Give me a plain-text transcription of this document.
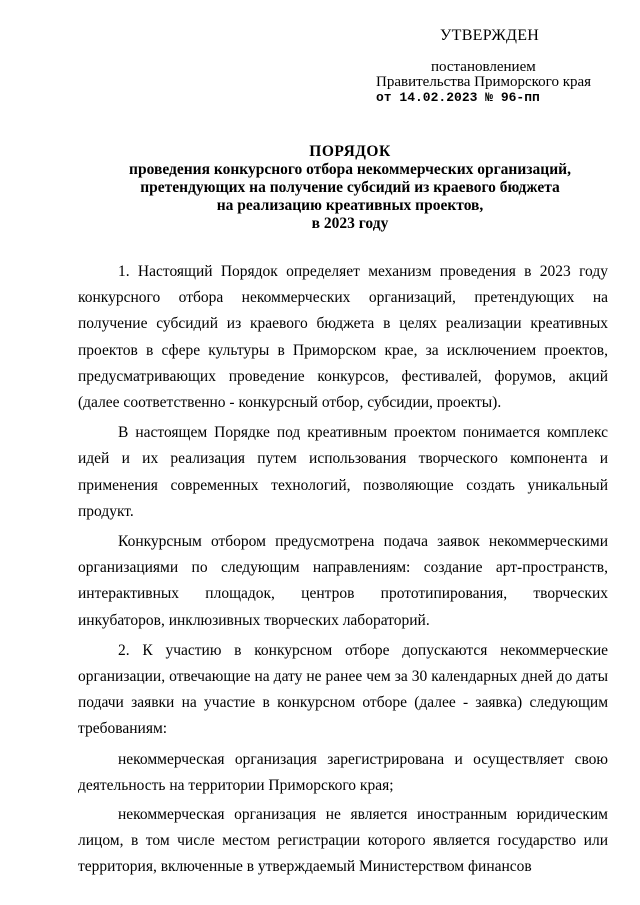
УТВЕРЖДЕН
постановлением
Правительства Приморского края
от 14.02.2023 № 96-пп
ПОРЯДОК
проведения конкурсного отбора некоммерческих организаций,
претендующих на получение субсидий из краевого бюджета
на реализацию креативных проектов,
в 2023 году

1. Настоящий Порядок определяет механизм проведения в 2023 году конкурсного отбора некоммерческих организаций, претендующих на получение субсидий из краевого бюджета в целях реализации креативных проектов в сфере культуры в Приморском крае, за исключением проектов, предусматривающих проведение конкурсов, фестивалей, форумов, акций (далее соответственно - конкурсный отбор, субсидии, проекты).

В настоящем Порядке под креативным проектом понимается комплекс идей и их реализация путем использования творческого компонента и применения современных технологий, позволяющие создать уникальный продукт.

Конкурсным отбором предусмотрена подача заявок некоммерческими организациями по следующим направлениям: создание арт-пространств, интерактивных площадок, центров прототипирования, творческих инкубаторов, инклюзивных творческих лабораторий.

2. К участию в конкурсном отборе допускаются некоммерческие организации, отвечающие на дату не ранее чем за 30 календарных дней до даты подачи заявки на участие в конкурсном отборе (далее - заявка) следующим требованиям:

некоммерческая организация зарегистрирована и осуществляет свою деятельность на территории Приморского края;

некоммерческая организация не является иностранным юридическим лицом, в том числе местом регистрации которого является государство или территория, включенные в утверждаемый Министерством финансов
